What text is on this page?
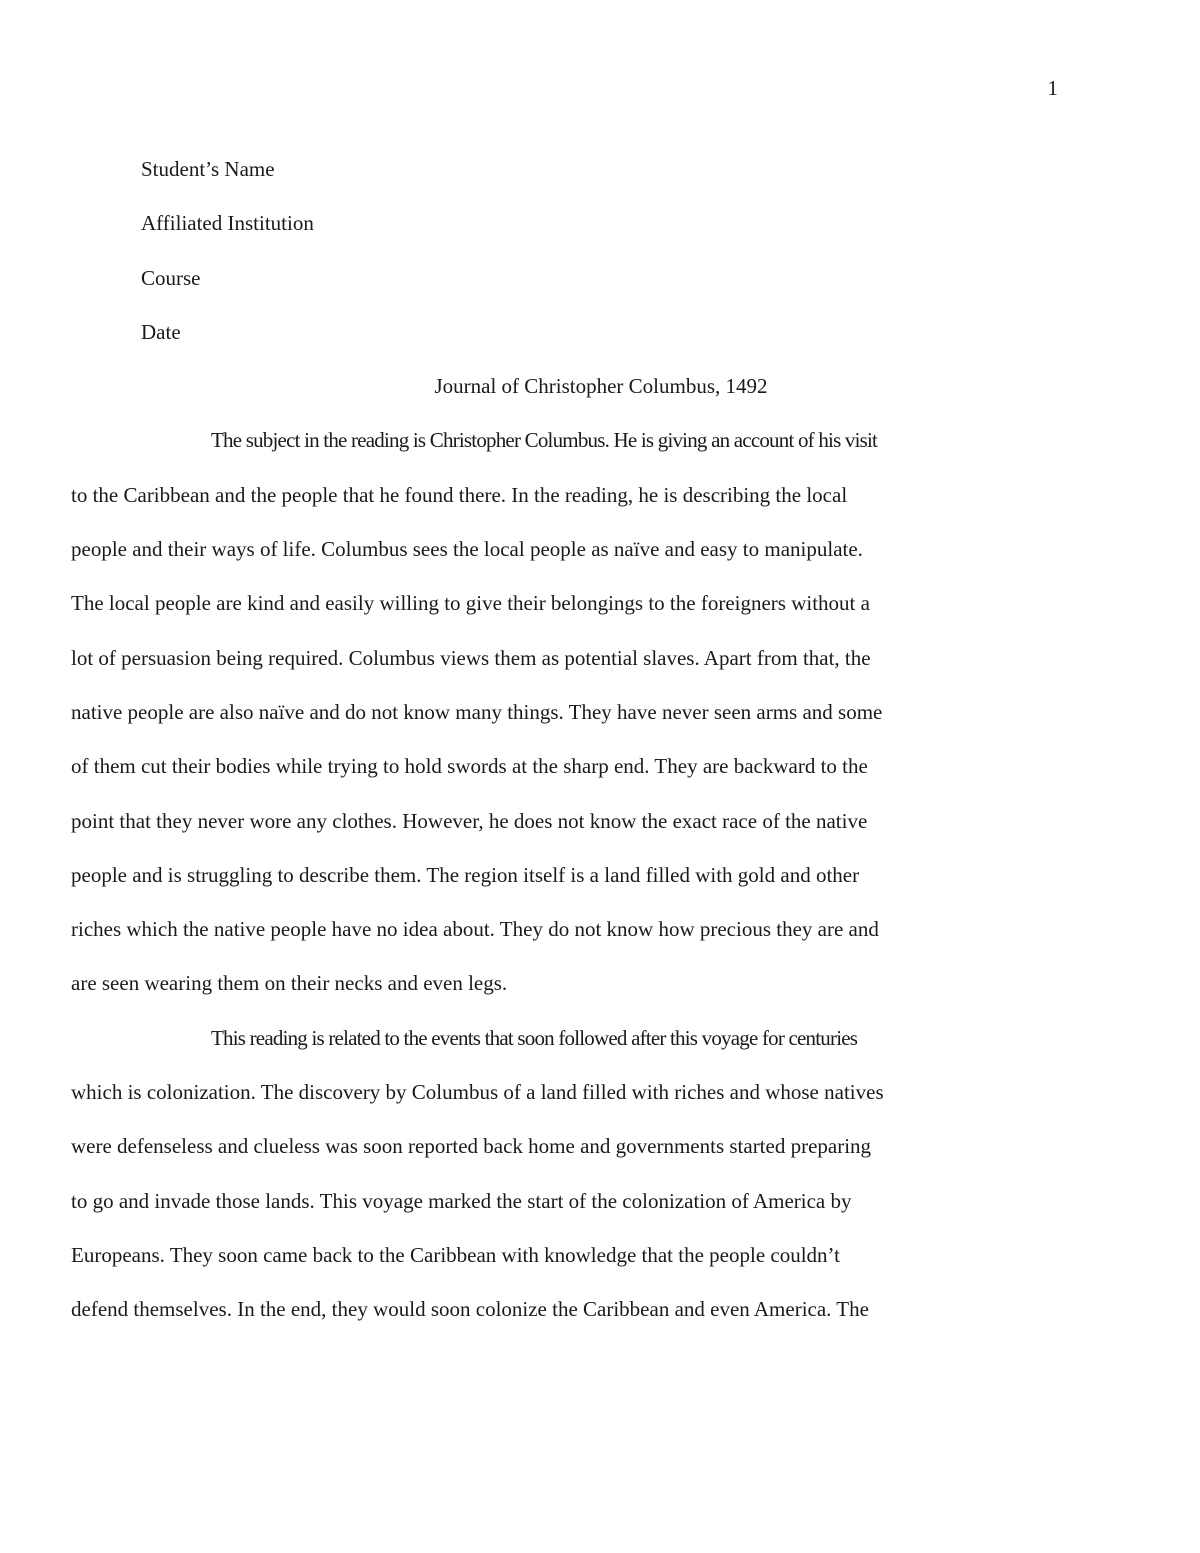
1
Student’s Name
Affiliated Institution
Course
Date
Journal of Christopher Columbus, 1492

The subject in the reading is Christopher Columbus. He is giving an account of his visit
to the Caribbean and the people that he found there. In the reading, he is describing the local
people and their ways of life. Columbus sees the local people as naïve and easy to manipulate.
The local people are kind and easily willing to give their belongings to the foreigners without a
lot of persuasion being required. Columbus views them as potential slaves. Apart from that, the
native people are also naïve and do not know many things. They have never seen arms and some
of them cut their bodies while trying to hold swords at the sharp end. They are backward to the
point that they never wore any clothes. However, he does not know the exact race of the native
people and is struggling to describe them. The region itself is a land filled with gold and other
riches which the native people have no idea about. They do not know how precious they are and
are seen wearing them on their necks and even legs.

This reading is related to the events that soon followed after this voyage for centuries
which is colonization. The discovery by Columbus of a land filled with riches and whose natives
were defenseless and clueless was soon reported back home and governments started preparing
to go and invade those lands. This voyage marked the start of the colonization of America by
Europeans. They soon came back to the Caribbean with knowledge that the people couldn’t
defend themselves. In the end, they would soon colonize the Caribbean and even America. The
